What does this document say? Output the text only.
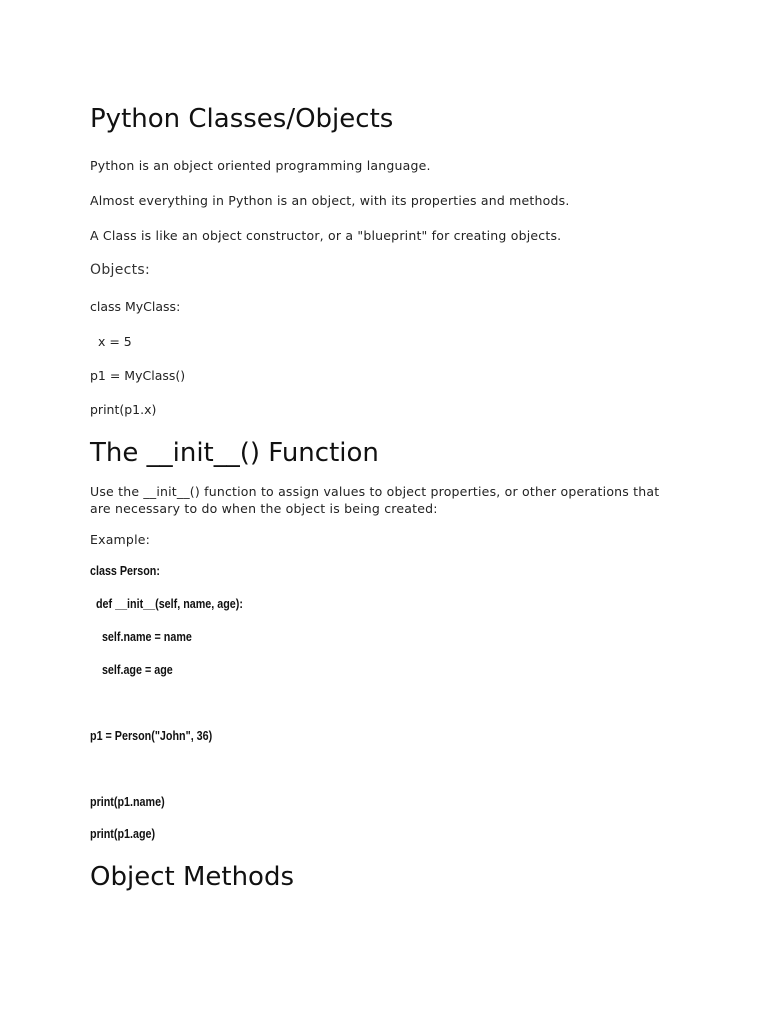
Python Classes/Objects

Python is an object oriented programming language.

Almost everything in Python is an object, with its properties and methods.

A Class is like an object constructor, or a "blueprint" for creating objects.

Objects:

class MyClass:

x = 5

p1 = MyClass()

print(p1.x)

The __init__() Function

Use the __init__() function to assign values to object properties, or other operations that are necessary to do when the object is being created:

Example:

class Person:

def __init__(self, name, age):

self.name = name

self.age = age

p1 = Person("John", 36)

print(p1.name)

print(p1.age)

Object Methods
